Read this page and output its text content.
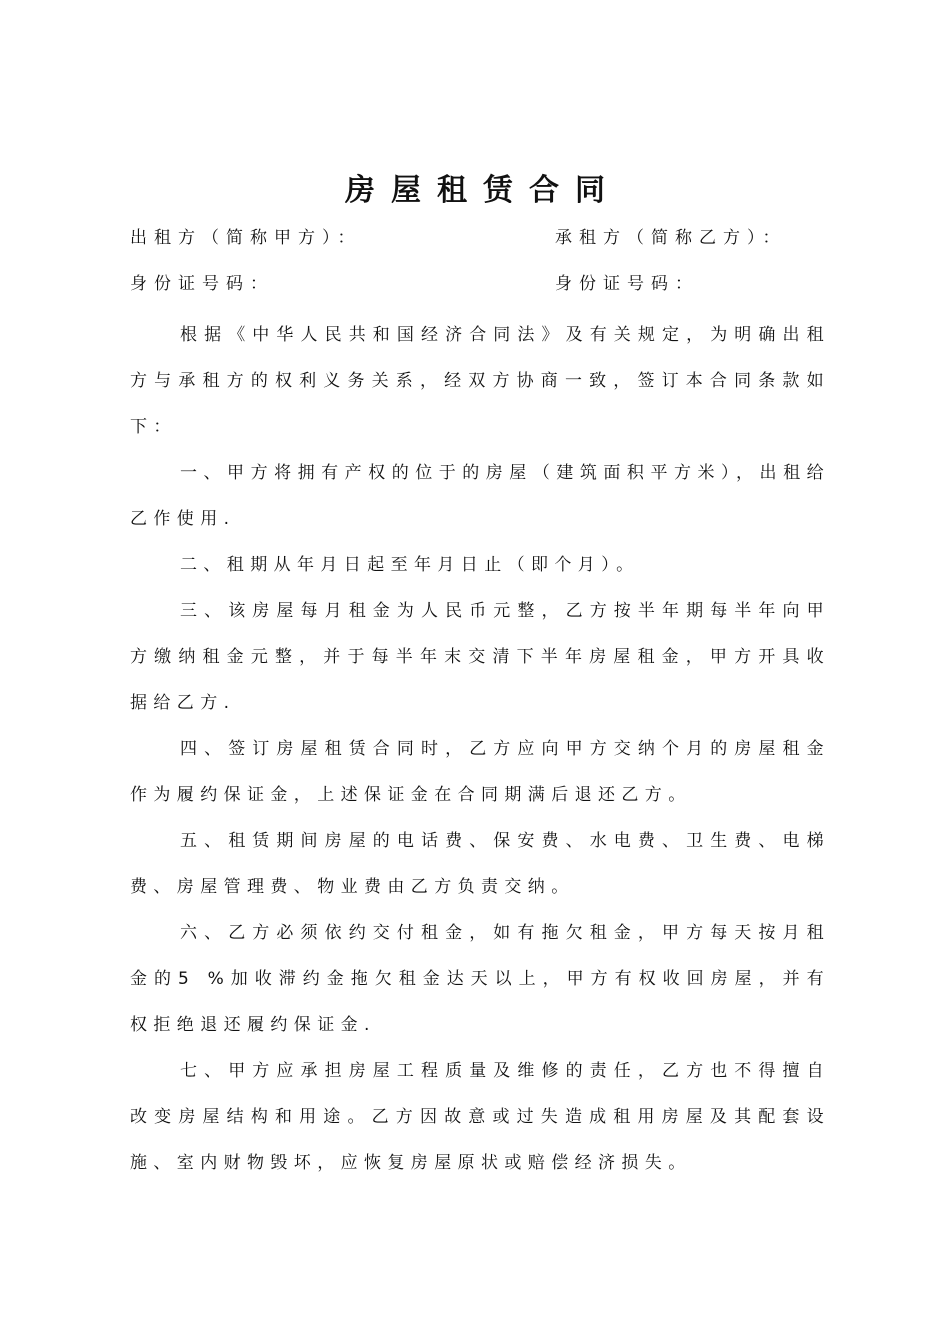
房屋租赁合同
出租方（简称甲方）：	承租方（简称乙方）：
身份证号码：	身份证号码：

根据《中华人民共和国经济合同法》及有关规定，为明确出租方与承租方的权利义务关系，经双方协商一致，签订本合同条款如下：

一、甲方将拥有产权的位于的房屋（建筑面积平方米），出租给乙作使用.

二、租期从年月日起至年月日止（即个月）。

三、该房屋每月租金为人民币元整，乙方按半年期每半年向甲方缴纳租金元整，并于每半年末交清下半年房屋租金，甲方开具收据给乙方.

四、签订房屋租赁合同时，乙方应向甲方交纳个月的房屋租金作为履约保证金，上述保证金在合同期满后退还乙方。

五、租赁期间房屋的电话费、保安费、水电费、卫生费、电梯费、房屋管理费、物业费由乙方负责交纳。

六、乙方必须依约交付租金，如有拖欠租金，甲方每天按月租金的5 %加收滞约金拖欠租金达天以上，甲方有权收回房屋，并有权拒绝退还履约保证金.

七、甲方应承担房屋工程质量及维修的责任，乙方也不得擅自改变房屋结构和用途。乙方因故意或过失造成租用房屋及其配套设施、室内财物毁坏，应恢复房屋原状或赔偿经济损失。
